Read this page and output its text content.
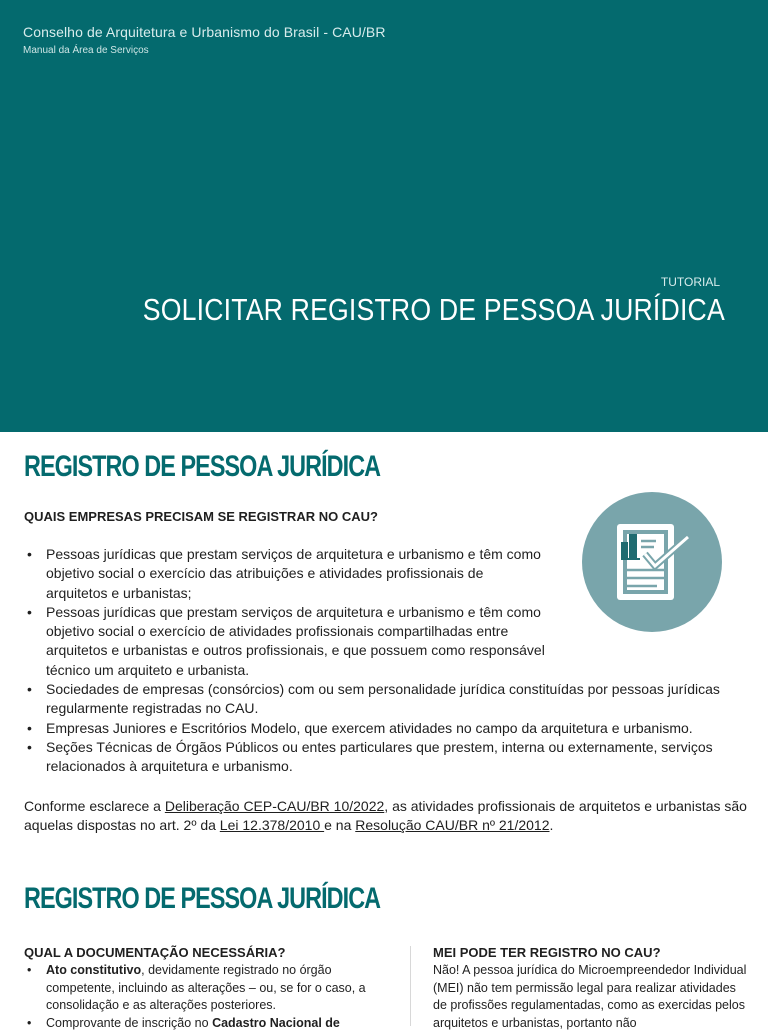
Conselho de Arquitetura e Urbanismo do Brasil - CAU/BR
Manual da Área de Serviços
TUTORIAL
SOLICITAR REGISTRO DE PESSOA JURÍDICA
REGISTRO DE PESSOA JURÍDICA
QUAIS EMPRESAS PRECISAM SE REGISTRAR NO CAU?
• Pessoas jurídicas que prestam serviços de arquitetura e urbanismo e têm como objetivo social o exercício das atribuições e atividades profissionais de arquitetos e urbanistas;
• Pessoas jurídicas que prestam serviços de arquitetura e urbanismo e têm como objetivo social o exercício de atividades profissionais compartilhadas entre arquitetos e urbanistas e outros profissionais, e que possuem como responsável técnico um arquiteto e urbanista.
• Sociedades de empresas (consórcios) com ou sem personalidade jurídica constituídas por pessoas jurídicas regularmente registradas no CAU.
• Empresas Juniores e Escritórios Modelo, que exercem atividades no campo da arquitetura e urbanismo.
• Seções Técnicas de Órgãos Públicos ou entes particulares que prestem, interna ou externamente, serviços relacionados à arquitetura e urbanismo.
Conforme esclarece a Deliberação CEP-CAU/BR 10/2022, as atividades profissionais de arquitetos e urbanistas são aquelas dispostas no art. 2º da Lei 12.378/2010 e na Resolução CAU/BR nº 21/2012.
REGISTRO DE PESSOA JURÍDICA
QUAL A DOCUMENTAÇÃO NECESSÁRIA?
• Ato constitutivo, devidamente registrado no órgão competente, incluindo as alterações – ou, se for o caso, a consolidação e as alterações posteriores.
• Comprovante de inscrição no Cadastro Nacional de
MEI PODE TER REGISTRO NO CAU?
Não! A pessoa jurídica do Microempreendedor Individual (MEI) não tem permissão legal para realizar atividades de profissões regulamentadas, como as exercidas pelos arquitetos e urbanistas, portanto não
